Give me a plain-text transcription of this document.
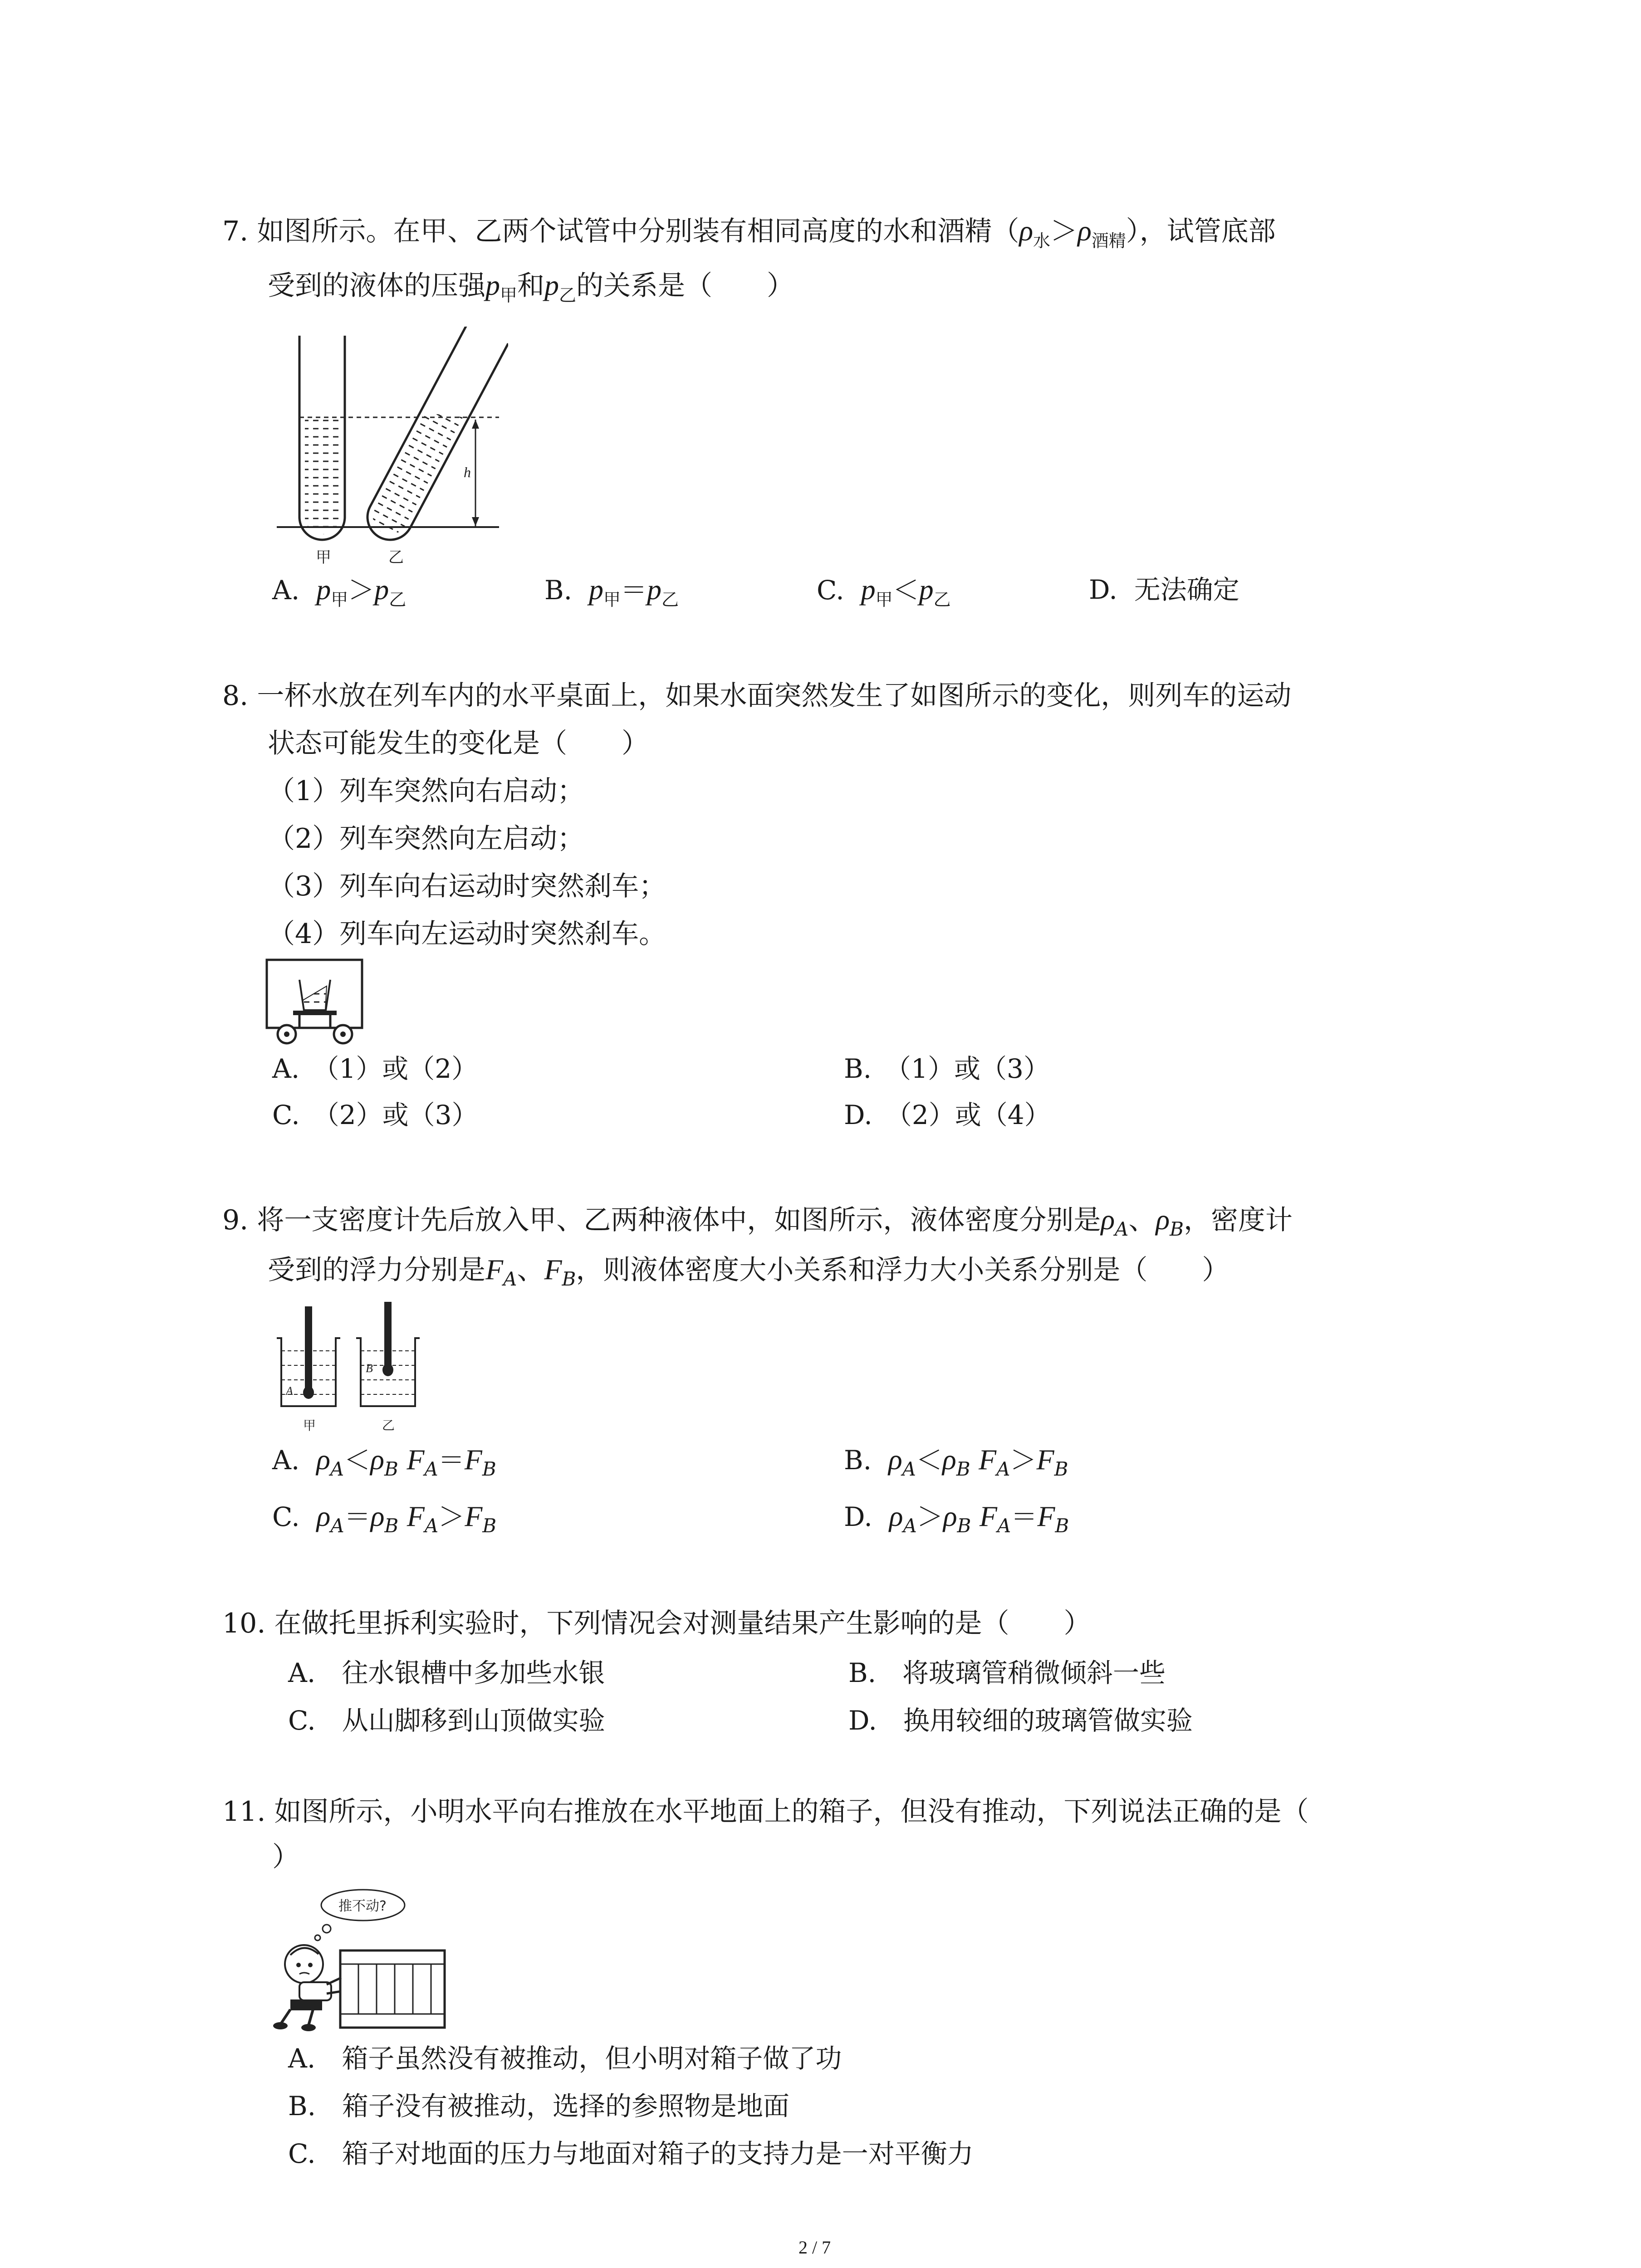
7. 如图所示。在甲、乙两个试管中分别装有相同高度的水和酒精$(\rho_水>\rho_{酒精})$，试管底部
受到的液体的压强$p_甲$和$p_乙$的关系是（　　）
h
甲	乙
A. $p_甲>p_乙$	B. $p_甲=p_乙$	C. $p_甲<p_乙$	D. 无法确定
8. 一杯水放在列车内的水平桌面上，如果水面突然发生了如图所示的变化，则列车的运动
状态可能发生的变化是（　　）
（1）列车突然向右启动；
（2）列车突然向左启动；
（3）列车向右运动时突然刹车；
（4）列车向左运动时突然刹车。
A.　（1）或（2）	B.　（1）或（3）
C.　（2）或（3）	D.　（2）或（4）
9. 将一支密度计先后放入甲、乙两种液体中，如图所示，液体密度分别是$\rho_A$、$\rho_B$，密度计
受到的浮力分别是$F_A$、$F_B$，则液体密度大小关系和浮力大小关系分别是（　　）
A
B
甲	乙
A. $\rho_A<\rho_B$ $F_A=F_B$	B. $\rho_A<\rho_B$ $F_A>F_B$
C. $\rho_A=\rho_B$ $F_A>F_B$	D. $\rho_A>\rho_B$ $F_A=F_B$
10. 在做托里拆利实验时，下列情况会对测量结果产生影响的是（　　）
A.　往水银槽中多加些水银	B.　将玻璃管稍微倾斜一些
C.　从山脚移到山顶做实验	D.　换用较细的玻璃管做实验
11. 如图所示，小明水平向右推放在水平地面上的箱子，但没有推动，下列说法正确的是（
）
推不动?
A.　箱子虽然没有被推动，但小明对箱子做了功
B.　箱子没有被推动，选择的参照物是地面
C.　箱子对地面的压力与地面对箱子的支持力是一对平衡力
2 / 7
